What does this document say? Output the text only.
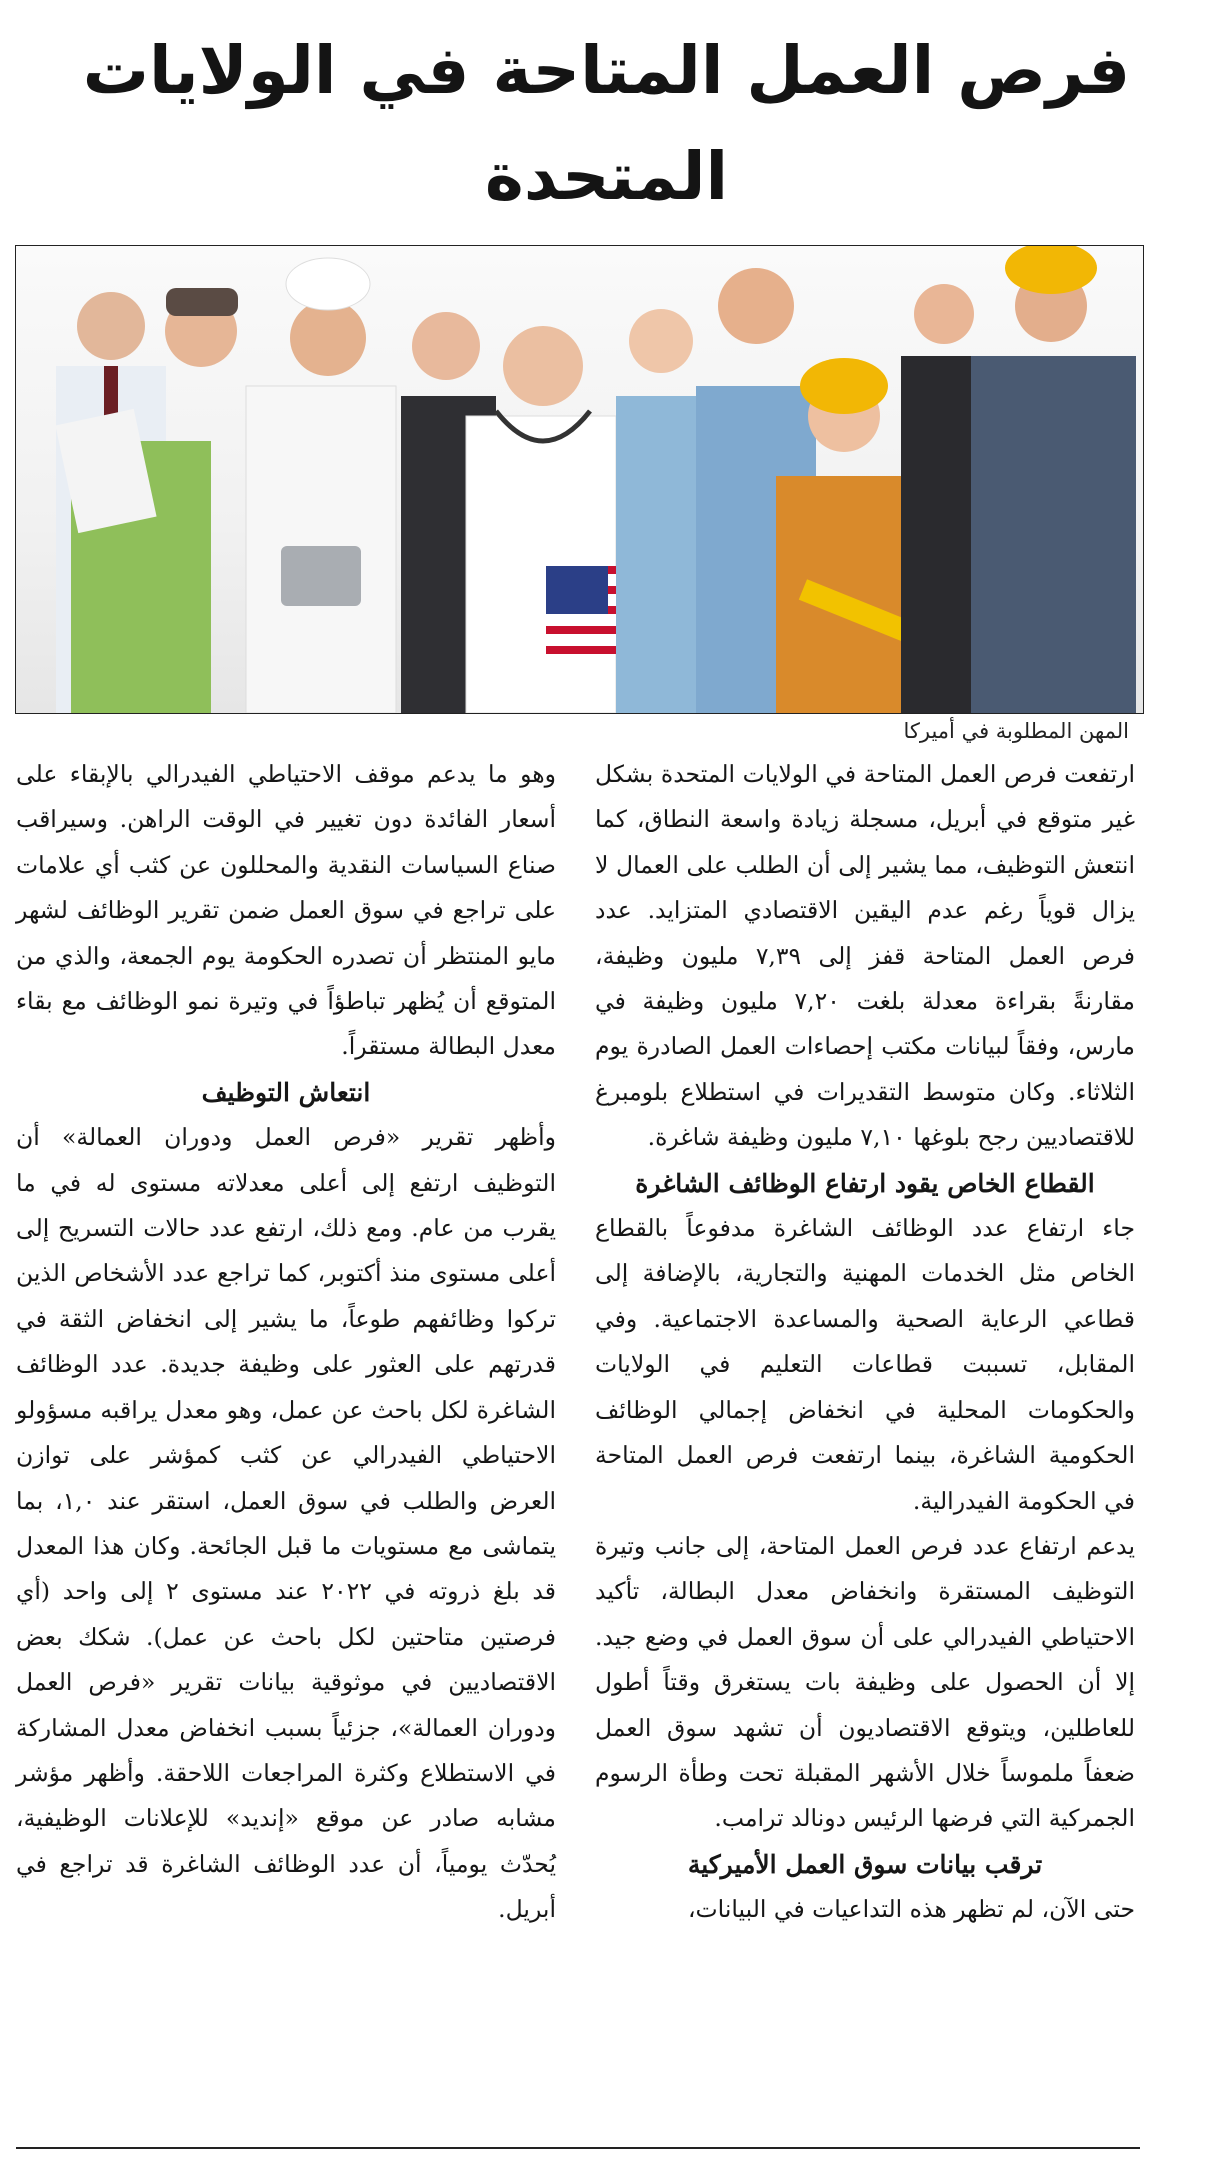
فرص العمل المتاحة في الولايات المتحدة
المهن المطلوبة في أميركا

ارتفعت فرص العمل المتاحة في الولايات المتحدة بشكل غير متوقع في أبريل، مسجلة زيادة واسعة النطاق، كما انتعش التوظيف، مما يشير إلى أن الطلب على العمال لا يزال قوياً رغم عدم اليقين الاقتصادي المتزايد. عدد فرص العمل المتاحة قفز إلى ٧,٣٩ مليون وظيفة، مقارنةً بقراءة معدلة بلغت ٧,٢٠ مليون وظيفة في مارس، وفقاً لبيانات مكتب إحصاءات العمل الصادرة يوم الثلاثاء. وكان متوسط التقديرات في استطلاع بلومبرغ للاقتصاديين رجح بلوغها ٧,١٠ مليون وظيفة شاغرة.

القطاع الخاص يقود ارتفاع الوظائف الشاغرة

جاء ارتفاع عدد الوظائف الشاغرة مدفوعاً بالقطاع الخاص مثل الخدمات المهنية والتجارية، بالإضافة إلى قطاعي الرعاية الصحية والمساعدة الاجتماعية. وفي المقابل، تسببت قطاعات التعليم في الولايات والحكومات المحلية في انخفاض إجمالي الوظائف الحكومية الشاغرة، بينما ارتفعت فرص العمل المتاحة في الحكومة الفيدرالية.

يدعم ارتفاع عدد فرص العمل المتاحة، إلى جانب وتيرة التوظيف المستقرة وانخفاض معدل البطالة، تأكيد الاحتياطي الفيدرالي على أن سوق العمل في وضع جيد. إلا أن الحصول على وظيفة بات يستغرق وقتاً أطول للعاطلين، ويتوقع الاقتصاديون أن تشهد سوق العمل ضعفاً ملموساً خلال الأشهر المقبلة تحت وطأة الرسوم الجمركية التي فرضها الرئيس دونالد ترامب.

ترقب بيانات سوق العمل الأميركية

حتى الآن، لم تظهر هذه التداعيات في البيانات،

وهو ما يدعم موقف الاحتياطي الفيدرالي بالإبقاء على أسعار الفائدة دون تغيير في الوقت الراهن. وسيراقب صناع السياسات النقدية والمحللون عن كثب أي علامات على تراجع في سوق العمل ضمن تقرير الوظائف لشهر مايو المنتظر أن تصدره الحكومة يوم الجمعة، والذي من المتوقع أن يُظهر تباطؤاً في وتيرة نمو الوظائف مع بقاء معدل البطالة مستقراً.

انتعاش التوظيف

وأظهر تقرير «فرص العمل ودوران العمالة» أن التوظيف ارتفع إلى أعلى معدلاته مستوى له في ما يقرب من عام. ومع ذلك، ارتفع عدد حالات التسريح إلى أعلى مستوى منذ أكتوبر، كما تراجع عدد الأشخاص الذين تركوا وظائفهم طوعاً، ما يشير إلى انخفاض الثقة في قدرتهم على العثور على وظيفة جديدة. عدد الوظائف الشاغرة لكل باحث عن عمل، وهو معدل يراقبه مسؤولو الاحتياطي الفيدرالي عن كثب كمؤشر على توازن العرض والطلب في سوق العمل، استقر عند ١,٠، بما يتماشى مع مستويات ما قبل الجائحة. وكان هذا المعدل قد بلغ ذروته في ٢٠٢٢ عند مستوى ٢ إلى واحد (أي فرصتين متاحتين لكل باحث عن عمل). شكك بعض الاقتصاديين في موثوقية بيانات تقرير «فرص العمل ودوران العمالة»، جزئياً بسبب انخفاض معدل المشاركة في الاستطلاع وكثرة المراجعات اللاحقة. وأظهر مؤشر مشابه صادر عن موقع «إنديد» للإعلانات الوظيفية، يُحدّث يومياً، أن عدد الوظائف الشاغرة قد تراجع في أبريل.
